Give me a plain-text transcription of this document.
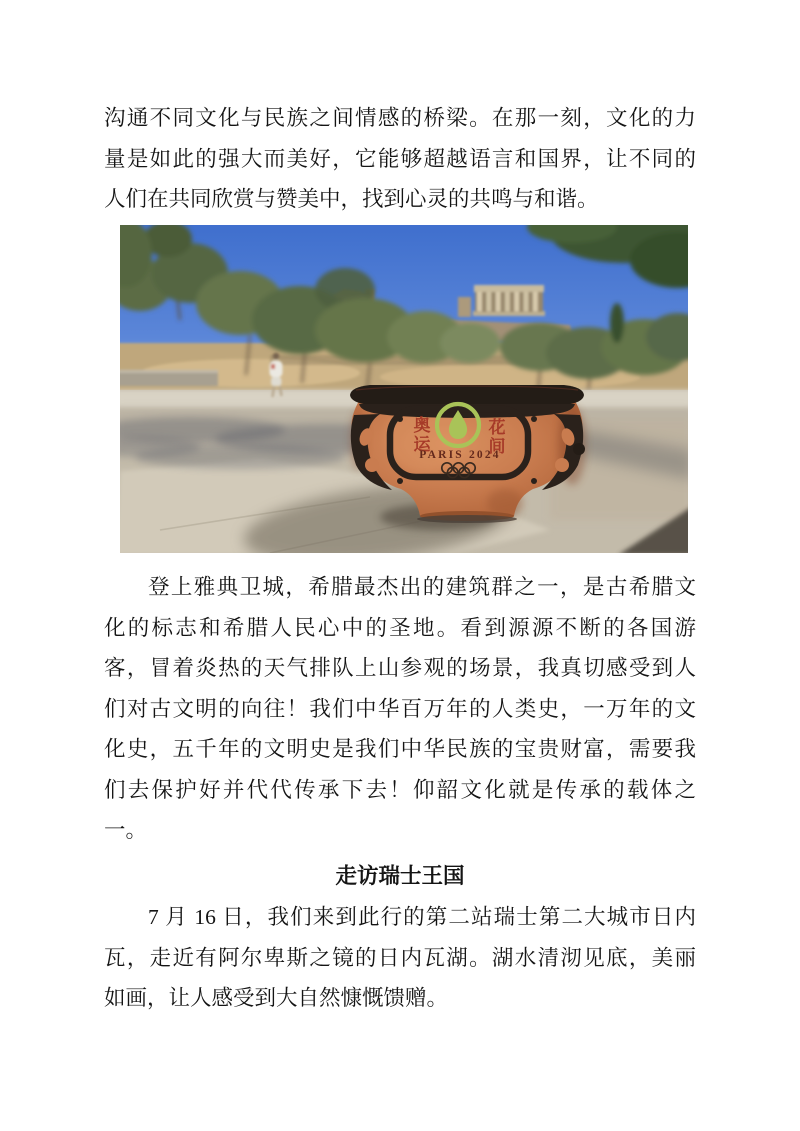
沟通不同文化与民族之间情感的桥梁。在那一刻，文化的力
量是如此的强大而美好，它能够超越语言和国界，让不同的
人们在共同欣赏与赞美中，找到心灵的共鸣与和谐。
奥运
花间
PARIS 2024
登上雅典卫城，希腊最杰出的建筑群之一，是古希腊文
化的标志和希腊人民心中的圣地。看到源源不断的各国游
客，冒着炎热的天气排队上山参观的场景，我真切感受到人
们对古文明的向往！我们中华百万年的人类史，一万年的文
化史，五千年的文明史是我们中华民族的宝贵财富，需要我
们去保护好并代代传承下去！仰韶文化就是传承的载体之
一。
走访瑞士王国
7 月 16 日，我们来到此行的第二站瑞士第二大城市日内
瓦，走近有阿尔卑斯之镜的日内瓦湖。湖水清沏见底，美丽
如画，让人感受到大自然慷慨馈赠。
